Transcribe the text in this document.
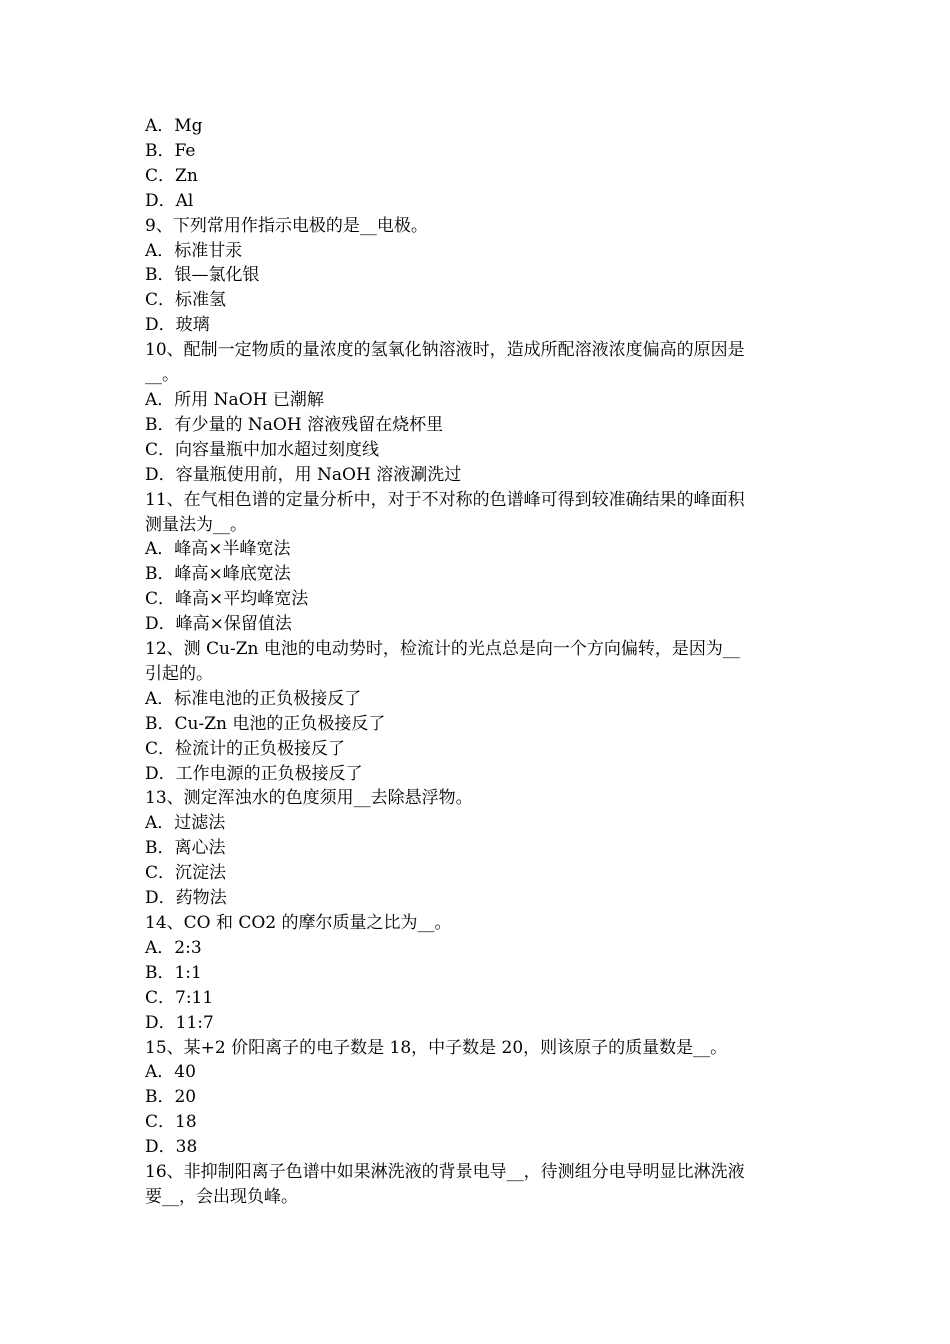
A．Mg

B．Fe

C．Zn

D．Al

9、下列常用作指示电极的是__电极。

A．标准甘汞

B．银—氯化银

C．标准氢

D．玻璃

10、配制一定物质的量浓度的氢氧化钠溶液时，造成所配溶液浓度偏高的原因是

__。

A．所用 NaOH 已潮解

B．有少量的 NaOH 溶液残留在烧杯里

C．向容量瓶中加水超过刻度线

D．容量瓶使用前，用 NaOH 溶液涮洗过

11、在气相色谱的定量分析中，对于不对称的色谱峰可得到较准确结果的峰面积

测量法为__。

A．峰高×半峰宽法

B．峰高×峰底宽法

C．峰高×平均峰宽法

D．峰高×保留值法

12、测 Cu-Zn 电池的电动势时，检流计的光点总是向一个方向偏转，是因为__

引起的。

A．标准电池的正负极接反了

B．Cu-Zn 电池的正负极接反了

C．检流计的正负极接反了

D．工作电源的正负极接反了

13、测定浑浊水的色度须用__去除悬浮物。

A．过滤法

B．离心法

C．沉淀法

D．药物法

14、CO 和 CO2 的摩尔质量之比为__。

A．2:3

B．1:1

C．7:11

D．11:7

15、某+2 价阳离子的电子数是 18，中子数是 20，则该原子的质量数是__。

A．40

B．20

C．18

D．38

16、非抑制阳离子色谱中如果淋洗液的背景电导__，待测组分电导明显比淋洗液

要__，会出现负峰。
